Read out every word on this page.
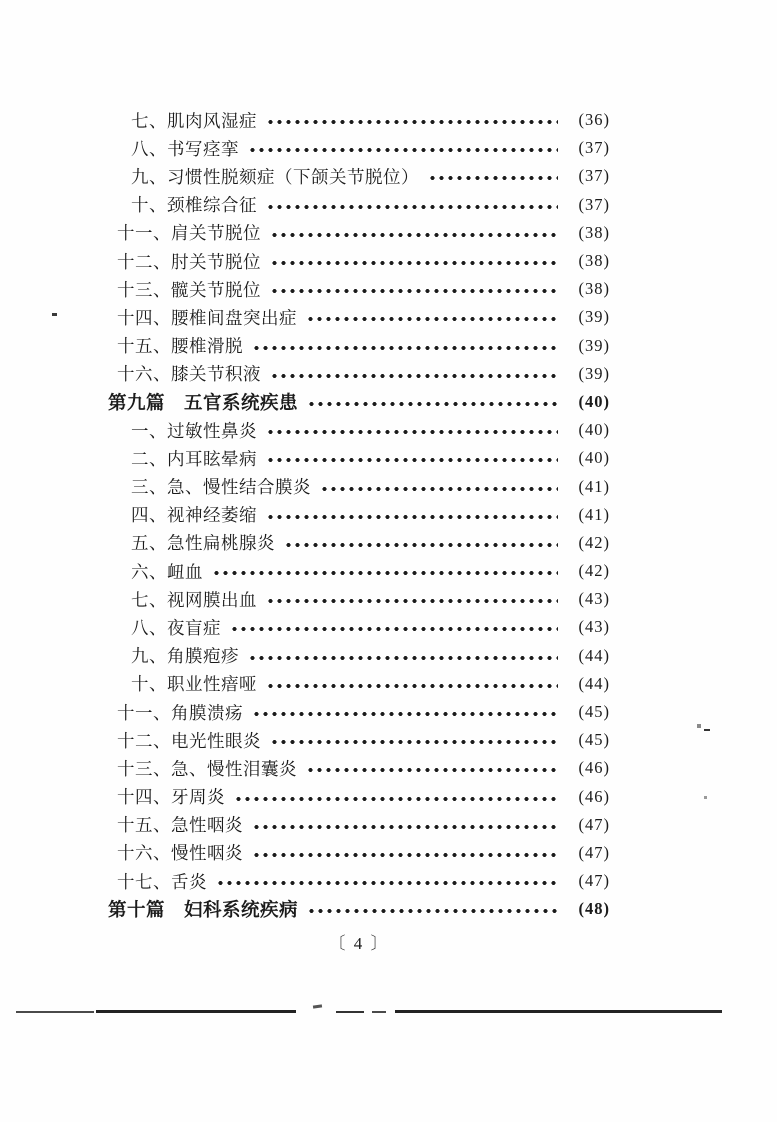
七、肌肉风湿症	(36)
八、书写痉挛	(37)
九、习惯性脱颏症（下颌关节脱位）	(37)
十、颈椎综合征	(37)
十一、肩关节脱位	(38)
十二、肘关节脱位	(38)
十三、髋关节脱位	(38)
十四、腰椎间盘突出症	(39)
十五、腰椎滑脱	(39)
十六、膝关节积液	(39)
第九篇　五官系统疾患	(40)
一、过敏性鼻炎	(40)
二、内耳眩晕病	(40)
三、急、慢性结合膜炎	(41)
四、视神经萎缩	(41)
五、急性扁桃腺炎	(42)
六、衄血	(42)
七、视网膜出血	(43)
八、夜盲症	(43)
九、角膜疱疹	(44)
十、职业性瘖哑	(44)
十一、角膜溃疡	(45)
十二、电光性眼炎	(45)
十三、急、慢性泪囊炎	(46)
十四、牙周炎	(46)
十五、急性咽炎	(47)
十六、慢性咽炎	(47)
十七、舌炎	(47)
第十篇　妇科系统疾病	(48)
〔 4 〕
